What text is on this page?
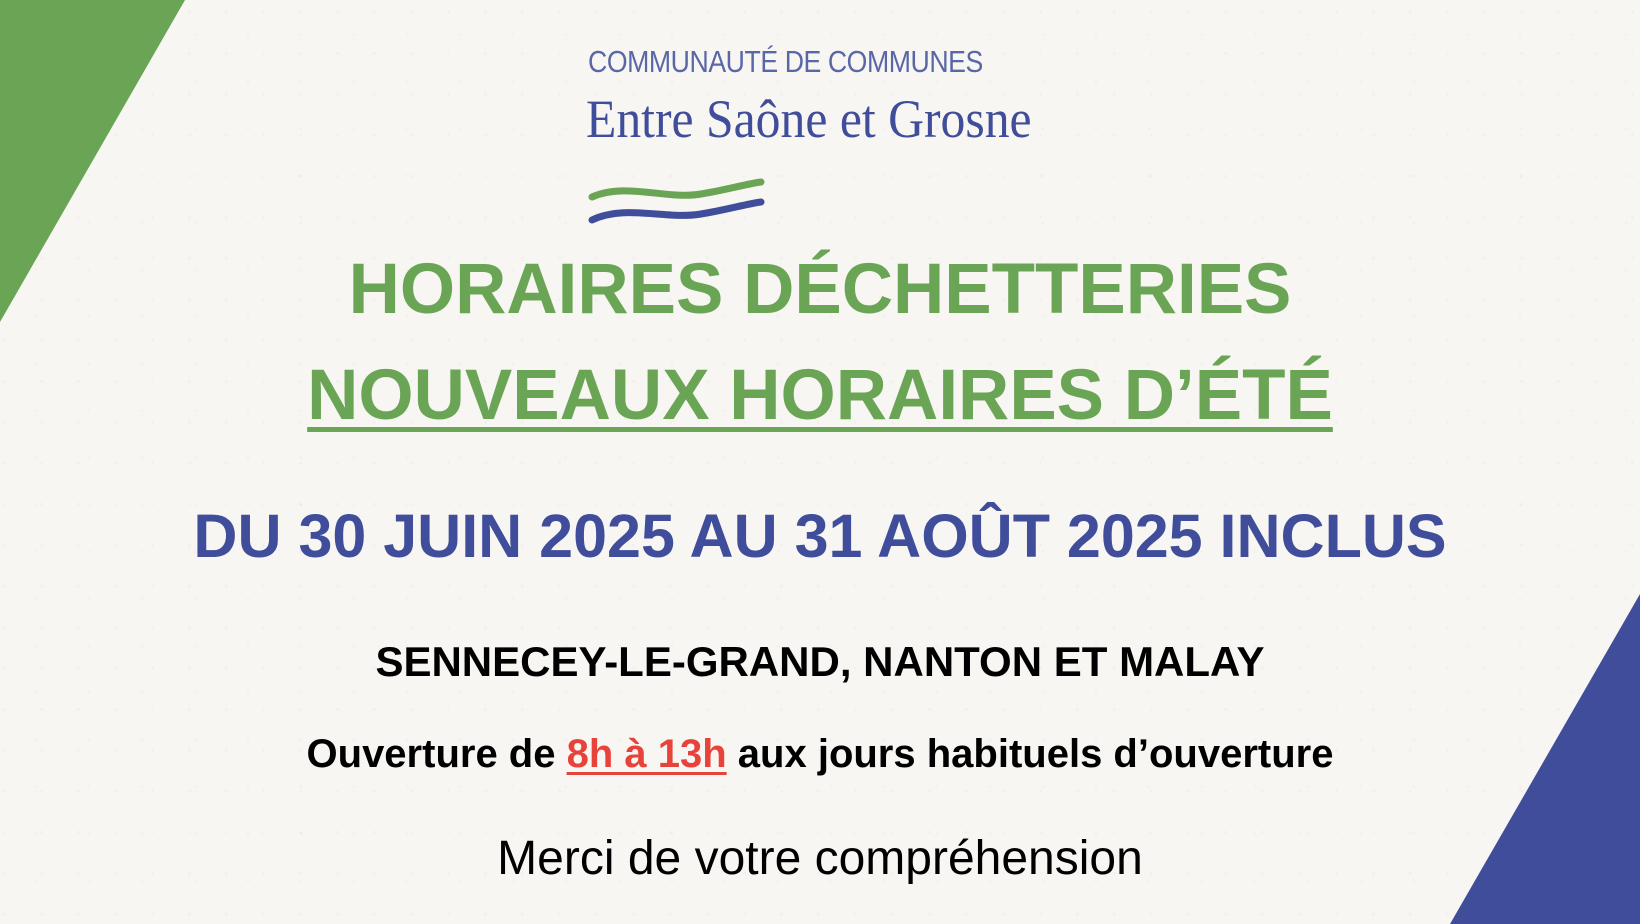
COMMUNAUTÉ DE COMMUNES
Entre Saône et Grosne
HORAIRES DÉCHETTERIES
NOUVEAUX HORAIRES D’ÉTÉ
DU 30 JUIN 2025 AU 31 AOÛT 2025 INCLUS
SENNECEY-LE-GRAND, NANTON ET MALAY
Ouverture de 8h à 13h aux jours habituels d’ouverture
Merci de votre compréhension
